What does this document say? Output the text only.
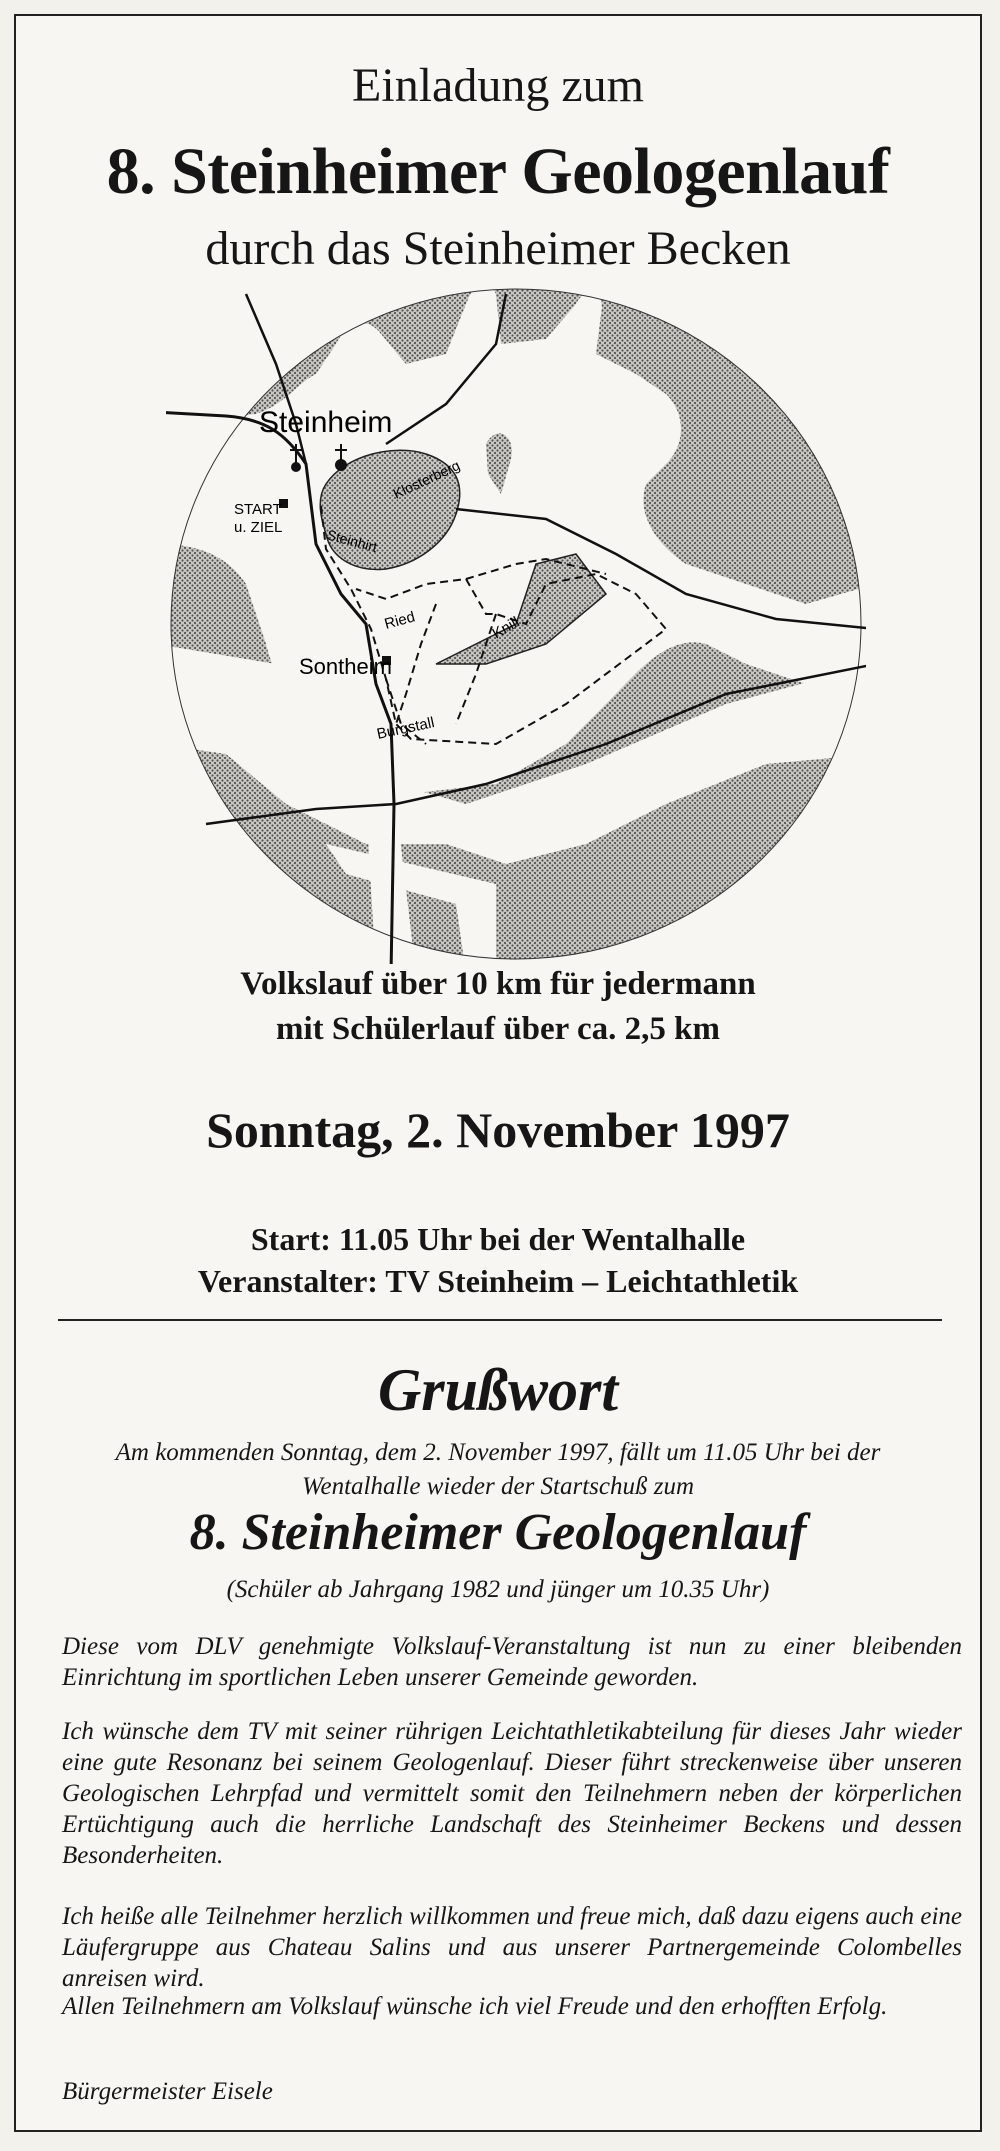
Einladung zum
8. Steinheimer Geologenlauf
durch das Steinheimer Becken
Steinheim
START
u. ZIEL
Klosterberg
Steinhirt
Ried	Knill
Sontheim
Burgstall
Volkslauf über 10 km für jedermann
mit Schülerlauf über ca. 2,5 km
Sonntag, 2. November 1997
Start: 11.05 Uhr bei der Wentalhalle
Veranstalter: TV Steinheim – Leichtathletik
Grußwort
Am kommenden Sonntag, dem 2. November 1997, fällt um 11.05 Uhr bei der
Wentalhalle wieder der Startschuß zum
8. Steinheimer Geologenlauf
(Schüler ab Jahrgang 1982 und jünger um 10.35 Uhr)
Diese vom DLV genehmigte Volkslauf-Veranstaltung ist nun zu einer bleibenden Einrichtung im sportlichen Leben unserer Gemeinde geworden.
Ich wünsche dem TV mit seiner rührigen Leichtathletikabteilung für dieses Jahr wieder eine gute Resonanz bei seinem Geologenlauf. Dieser führt streckenweise über unseren Geologischen Lehrpfad und vermittelt somit den Teilnehmern neben der körperlichen Ertüchtigung auch die herrliche Landschaft des Steinheimer Beckens und dessen Besonderheiten.
Ich heiße alle Teilnehmer herzlich willkommen und freue mich, daß dazu eigens auch eine Läufergruppe aus Chateau Salins und aus unserer Partnergemeinde Colombelles anreisen wird.
Allen Teilnehmern am Volkslauf wünsche ich viel Freude und den erhofften Erfolg.
Bürgermeister Eisele
